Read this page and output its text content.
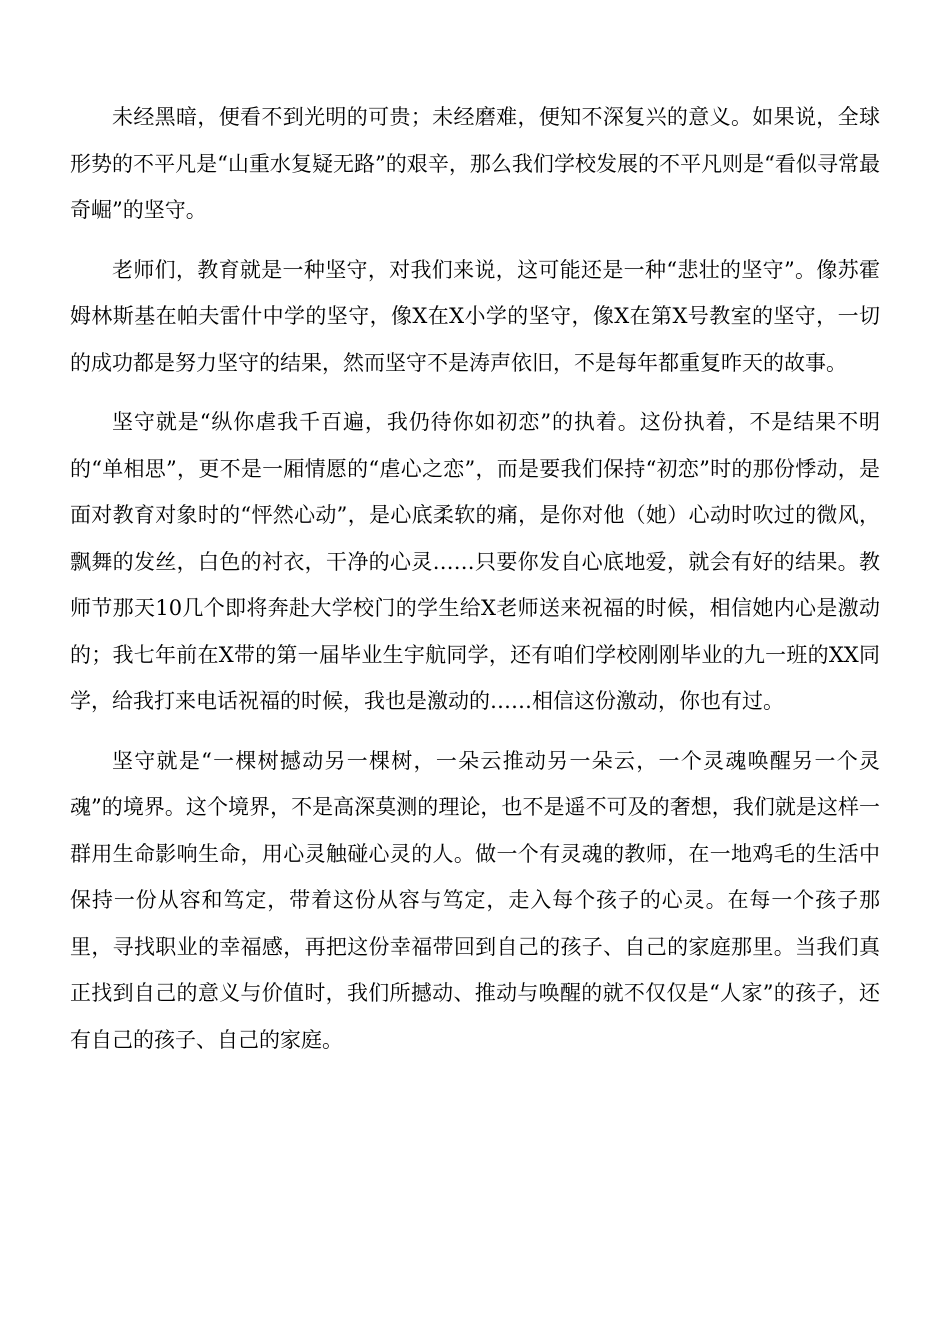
未经黑暗，便看不到光明的可贵；未经磨难，便知不深复兴的意义。如果说，全球形势的不平凡是“山重水复疑无路”的艰辛，那么我们学校发展的不平凡则是“看似寻常最奇崛”的坚守。

老师们，教育就是一种坚守，对我们来说，这可能还是一种“悲壮的坚守”。像苏霍姆林斯基在帕夫雷什中学的坚守，像X在X小学的坚守，像X在第X号教室的坚守，一切的成功都是努力坚守的结果，然而坚守不是涛声依旧，不是每年都重复昨天的故事。

坚守就是“纵你虐我千百遍，我仍待你如初恋”的执着。这份执着，不是结果不明的“单相思”，更不是一厢情愿的“虐心之恋”，而是要我们保持“初恋”时的那份悸动，是面对教育对象时的“怦然心动”，是心底柔软的痛，是你对他（她）心动时吹过的微风，飘舞的发丝，白色的衬衣，干净的心灵……只要你发自心底地爱，就会有好的结果。教师节那天10几个即将奔赴大学校门的学生给X老师送来祝福的时候，相信她内心是激动的；我七年前在X带的第一届毕业生宇航同学，还有咱们学校刚刚毕业的九一班的XX同学，给我打来电话祝福的时候，我也是激动的……相信这份激动，你也有过。

坚守就是“一棵树撼动另一棵树，一朵云推动另一朵云，一个灵魂唤醒另一个灵魂”的境界。这个境界，不是高深莫测的理论，也不是遥不可及的奢想，我们就是这样一群用生命影响生命，用心灵触碰心灵的人。做一个有灵魂的教师，在一地鸡毛的生活中保持一份从容和笃定，带着这份从容与笃定，走入每个孩子的心灵。在每一个孩子那里，寻找职业的幸福感，再把这份幸福带回到自己的孩子、自己的家庭那里。当我们真正找到自己的意义与价值时，我们所撼动、推动与唤醒的就不仅仅是“人家”的孩子，还有自己的孩子、自己的家庭。
